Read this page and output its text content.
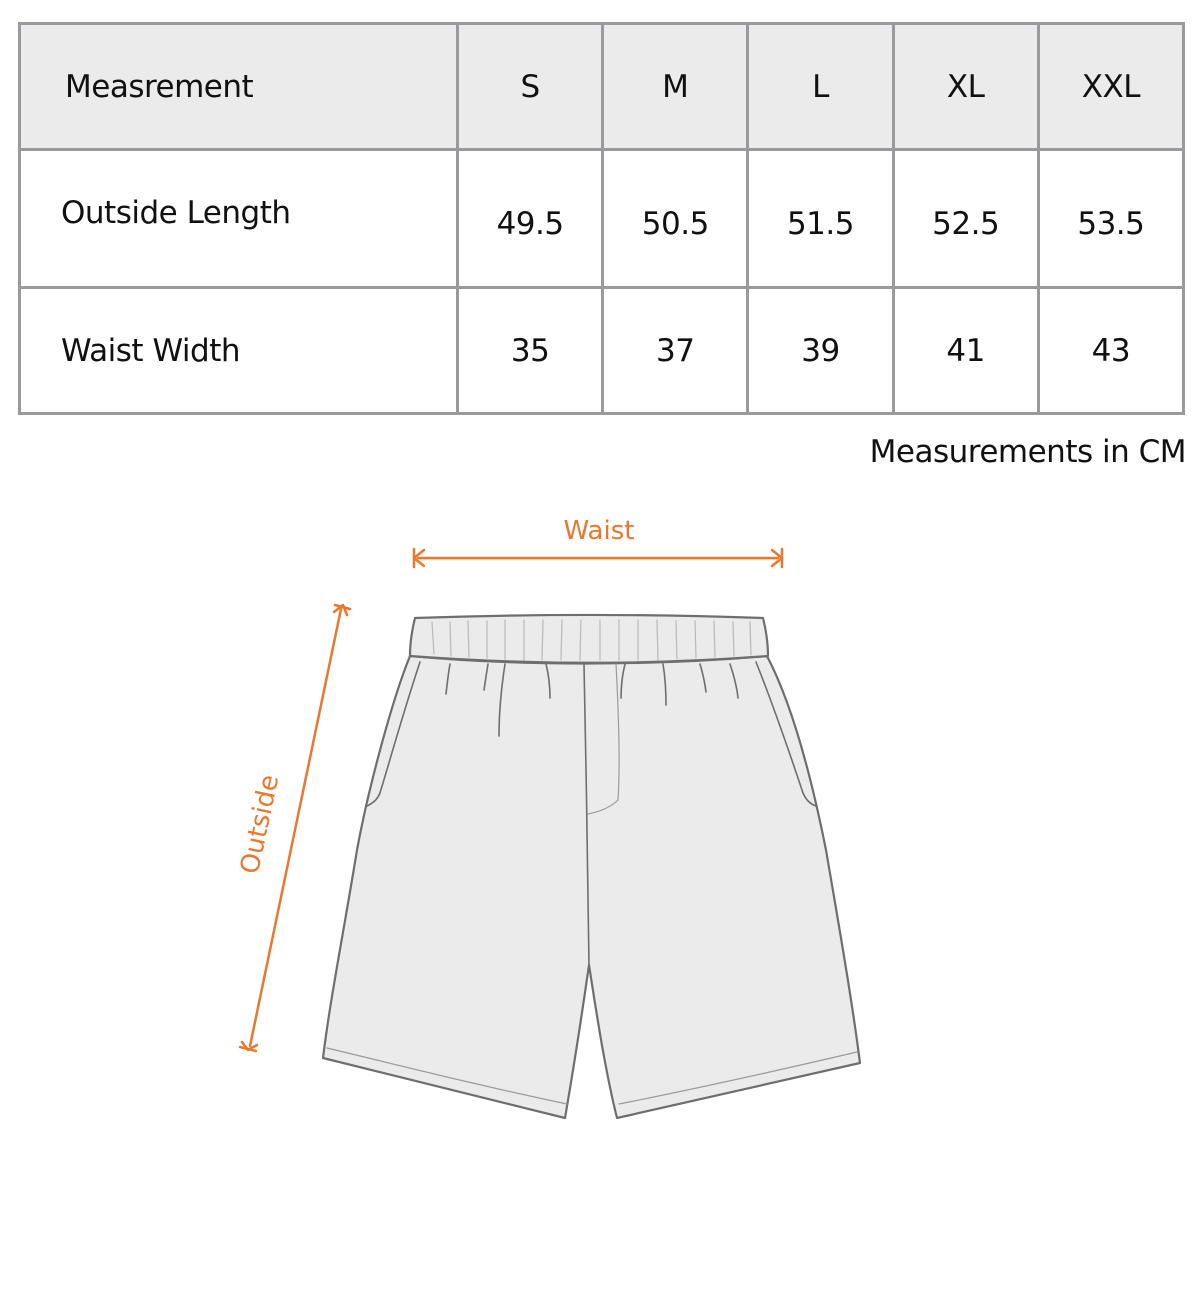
Measrement	S	M	L	XL	XXL
Outside Length	49.5	50.5	51.5	52.5	53.5
Waist Width	35	37	39	41	43
Measurements in CM
Waist
Outside
